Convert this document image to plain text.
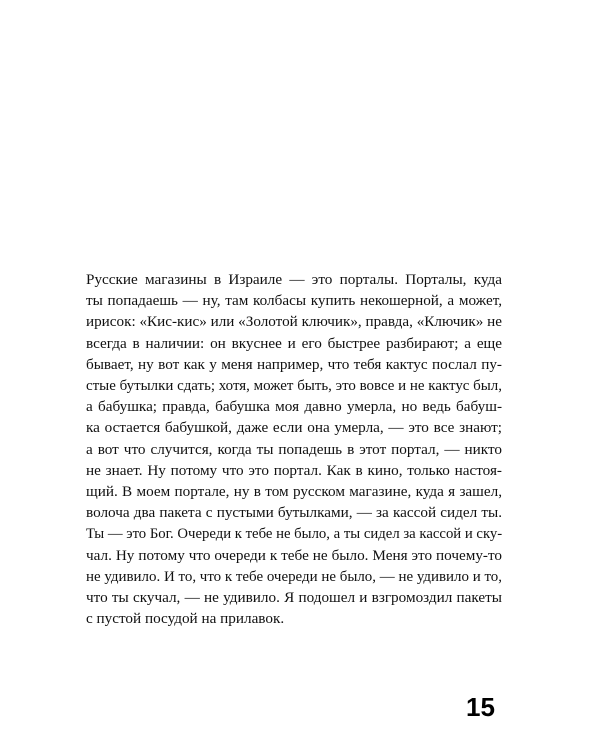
Русские магазины в Израиле — это порталы. Порталы, куда
ты попадаешь — ну, там колбасы купить некошерной, а может,
ирисок: «Кис-кис» или «Золотой ключик», правда, «Ключик» не
всегда в наличии: он вкуснее и его быстрее разбирают; а еще
бывает, ну вот как у меня например, что тебя кактус послал пу-
стые бутылки сдать; хотя, может быть, это вовсе и не кактус был,
а бабушка; правда, бабушка моя давно умерла, но ведь бабуш-
ка остается бабушкой, даже если она умерла, — это все знают;
а вот что случится, когда ты попадешь в этот портал, — никто
не знает. Ну потому что это портал. Как в кино, только настоя-
щий. В моем портале, ну в том русском магазине, куда я зашел,
волоча два пакета с пустыми бутылками, — за кассой сидел ты.
Ты — это Бог. Очереди к тебе не было, а ты сидел за кассой и ску-
чал. Ну потому что очереди к тебе не было. Меня это почему-то
не удивило. И то, что к тебе очереди не было, — не удивило и то,
что ты скучал, — не удивило. Я подошел и взгромоздил пакеты
с пустой посудой на прилавок.
15
